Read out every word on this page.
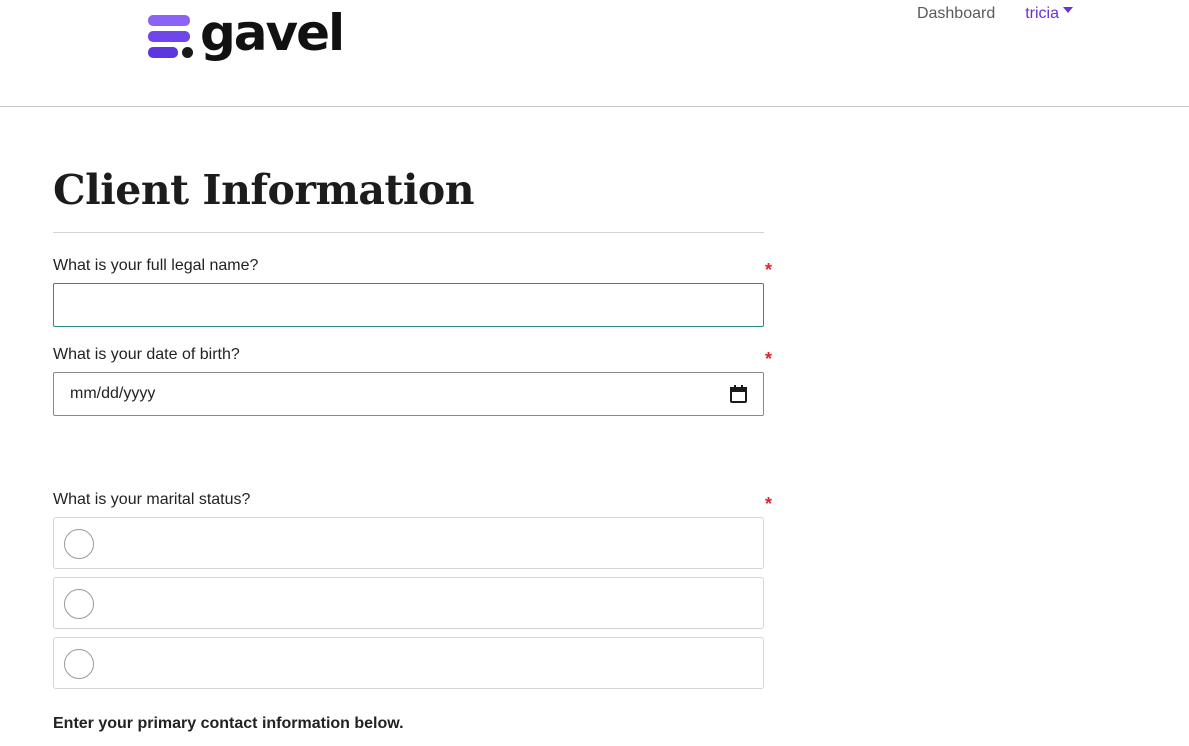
gavel	Dashboard tricia
Client Information
What is your full legal name?	*
What is your date of birth?	*
mm/dd/yyyy
What is your marital status?	*

Enter your primary contact information below.
